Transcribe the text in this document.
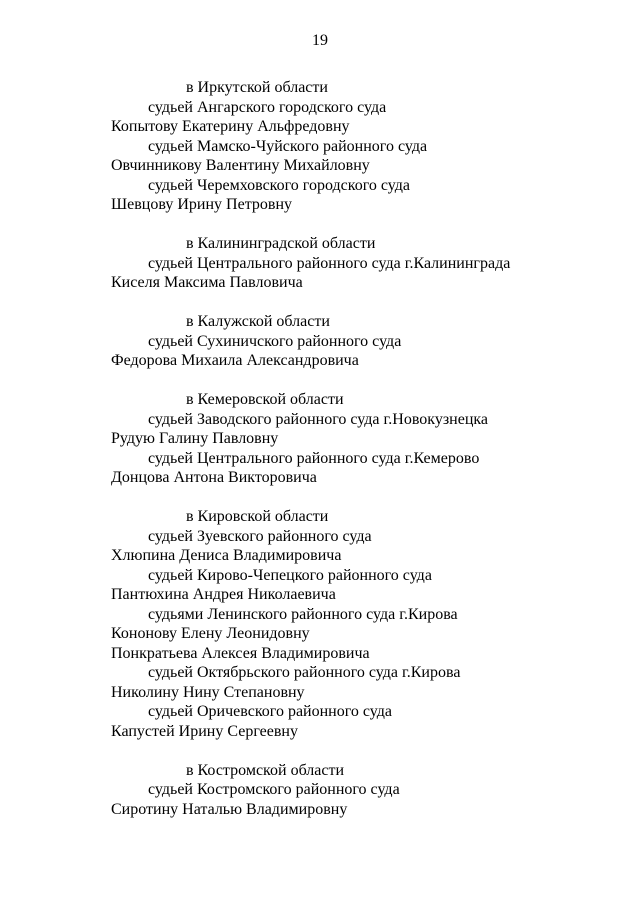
19
в Иркутской области
судьей Ангарского городского суда
Копытову Екатерину Альфредовну
судьей Мамско-Чуйского районного суда
Овчинникову Валентину Михайловну
судьей Черемховского городского суда
Шевцову Ирину Петровну
в Калининградской области
судьей Центрального районного суда г.Калининграда
Киселя Максима Павловича
в Калужской области
судьей Сухиничского районного суда
Федорова Михаила Александровича
в Кемеровской области
судьей Заводского районного суда г.Новокузнецка
Рудую Галину Павловну
судьей Центрального районного суда г.Кемерово
Донцова Антона Викторовича
в Кировской области
судьей Зуевского районного суда
Хлюпина Дениса Владимировича
судьей Кирово-Чепецкого районного суда
Пантюхина Андрея Николаевича
судьями Ленинского районного суда г.Кирова
Кононову Елену Леонидовну
Понкратьева Алексея Владимировича
судьей Октябрьского районного суда г.Кирова
Николину Нину Степановну
судьей Оричевского районного суда
Капустей Ирину Сергеевну
в Костромской области
судьей Костромского районного суда
Сиротину Наталью Владимировну
